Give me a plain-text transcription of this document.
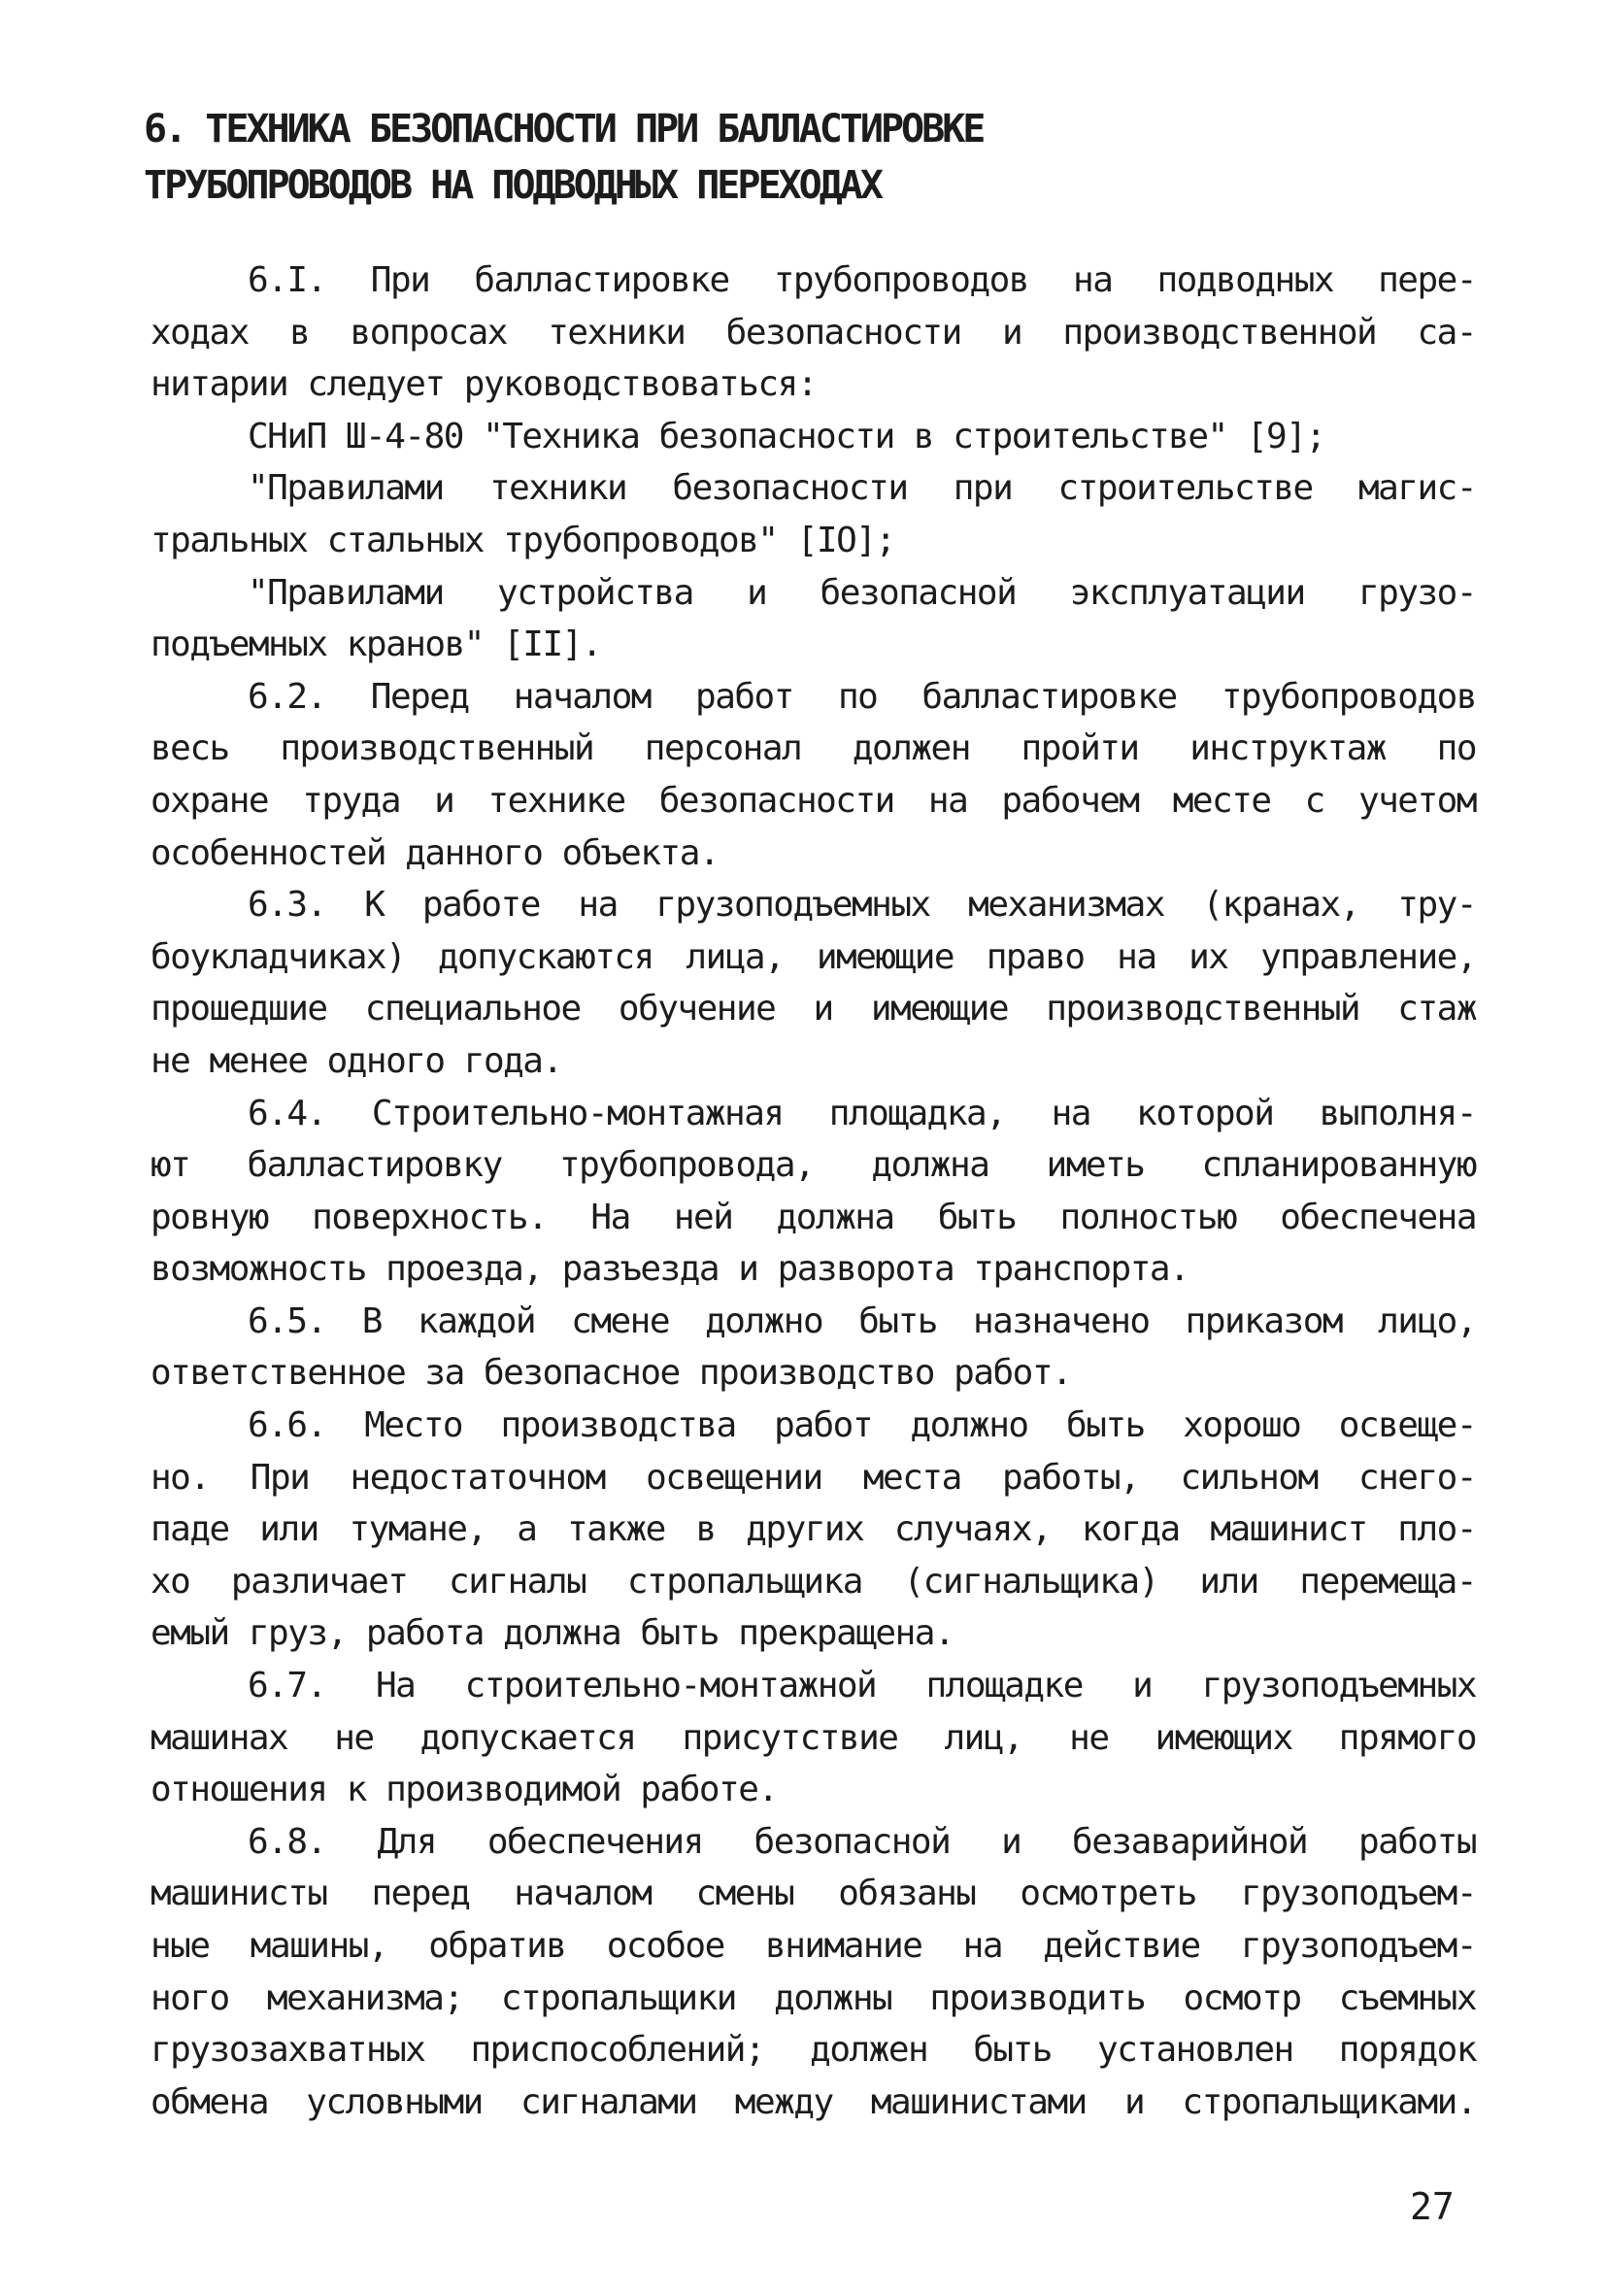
6. ТЕХНИКА БЕЗОПАСНОСТИ ПРИ БАЛЛАСТИРОВКЕ
ТРУБОПРОВОДОВ НА ПОДВОДНЫХ ПЕРЕХОДАХ
6.I. При балластировке трубопроводов на подводных пере-
ходах в вопросах техники безопасности и производственной са-
нитарии следует руководствоваться:
СНиП Ш-4-80 "Техника безопасности в строительстве" [9];
"Правилами техники безопасности при строительстве магис-
тральных стальных трубопроводов" [IO];
"Правилами устройства и безопасной эксплуатации грузо-
подъемных кранов" [II].
6.2. Перед началом работ по балластировке трубопроводов
весь производственный персонал должен пройти инструктаж по
охране труда и технике безопасности на рабочем месте с учетом
особенностей данного объекта.
6.3. К работе на грузоподъемных механизмах (кранах, тру-
боукладчиках) допускаются лица, имеющие право на их управление,
прошедшие специальное обучение и имеющие производственный стаж
не менее одного года.
6.4. Строительно-монтажная площадка, на которой выполня-
ют балластировку трубопровода, должна иметь спланированную
ровную поверхность. На ней должна быть полностью обеспечена
возможность проезда, разъезда и разворота транспорта.
6.5. В каждой смене должно быть назначено приказом лицо,
ответственное за безопасное производство работ.
6.6. Место производства работ должно быть хорошо освеще-
но. При недостаточном освещении места работы, сильном снего-
паде или тумане, а также в других случаях, когда машинист пло-
хо различает сигналы стропальщика (сигнальщика) или перемеща-
емый груз, работа должна быть прекращена.
6.7. На строительно-монтажной площадке и грузоподъемных
машинах не допускается присутствие лиц, не имеющих прямого
отношения к производимой работе.
6.8. Для обеспечения безопасной и безаварийной работы
машинисты перед началом смены обязаны осмотреть грузоподъем-
ные машины, обратив особое внимание на действие грузоподъем-
ного механизма; стропальщики должны производить осмотр съемных
грузозахватных приспособлений; должен быть установлен порядок
обмена условными сигналами между машинистами и стропальщиками.
27
